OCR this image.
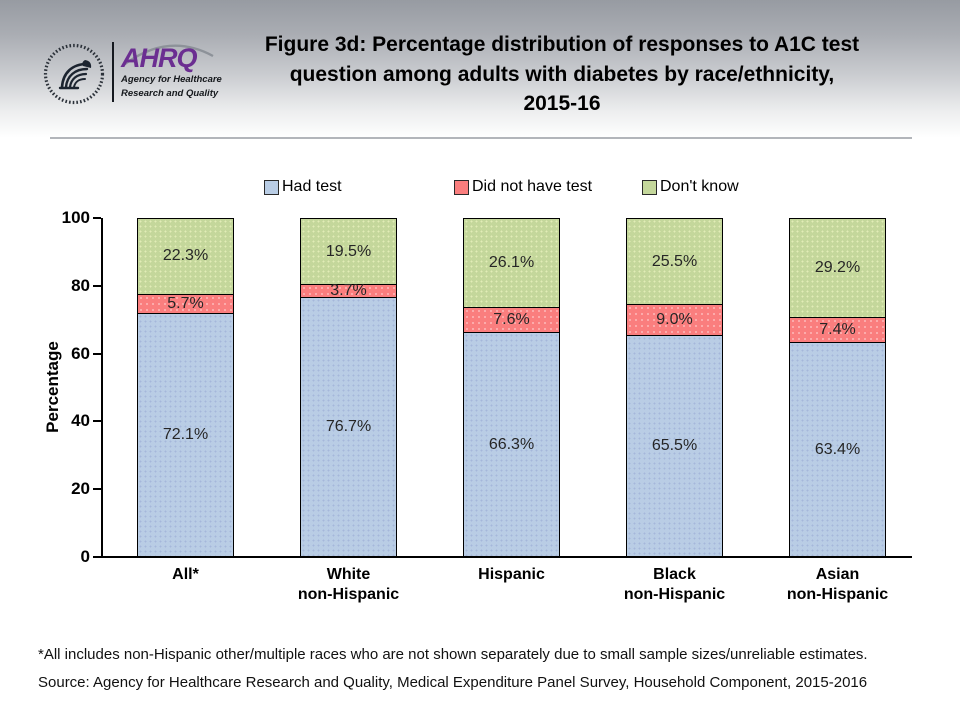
AHRQ
Agency for Healthcare
Research and Quality
Figure 3d: Percentage distribution of responses to A1C test
question among adults with diabetes by race/ethnicity,
2015-16
Had test	Did not have test	Don't know
Percentage
0
20
40
60
80
100
72.1%
5.7%
22.3%
76.7%
3.7%
19.5%
66.3%
7.6%
26.1%
65.5%
9.0%
25.5%
63.4%
7.4%
29.2%
All*	White
non-Hispanic
Hispanic	Black
non-Hispanic
Asian
non-Hispanic
*All includes non-Hispanic other/multiple races who are not shown separately due to small sample sizes/unreliable estimates.
Source: Agency for Healthcare Research and Quality, Medical Expenditure Panel Survey, Household Component, 2015-2016
